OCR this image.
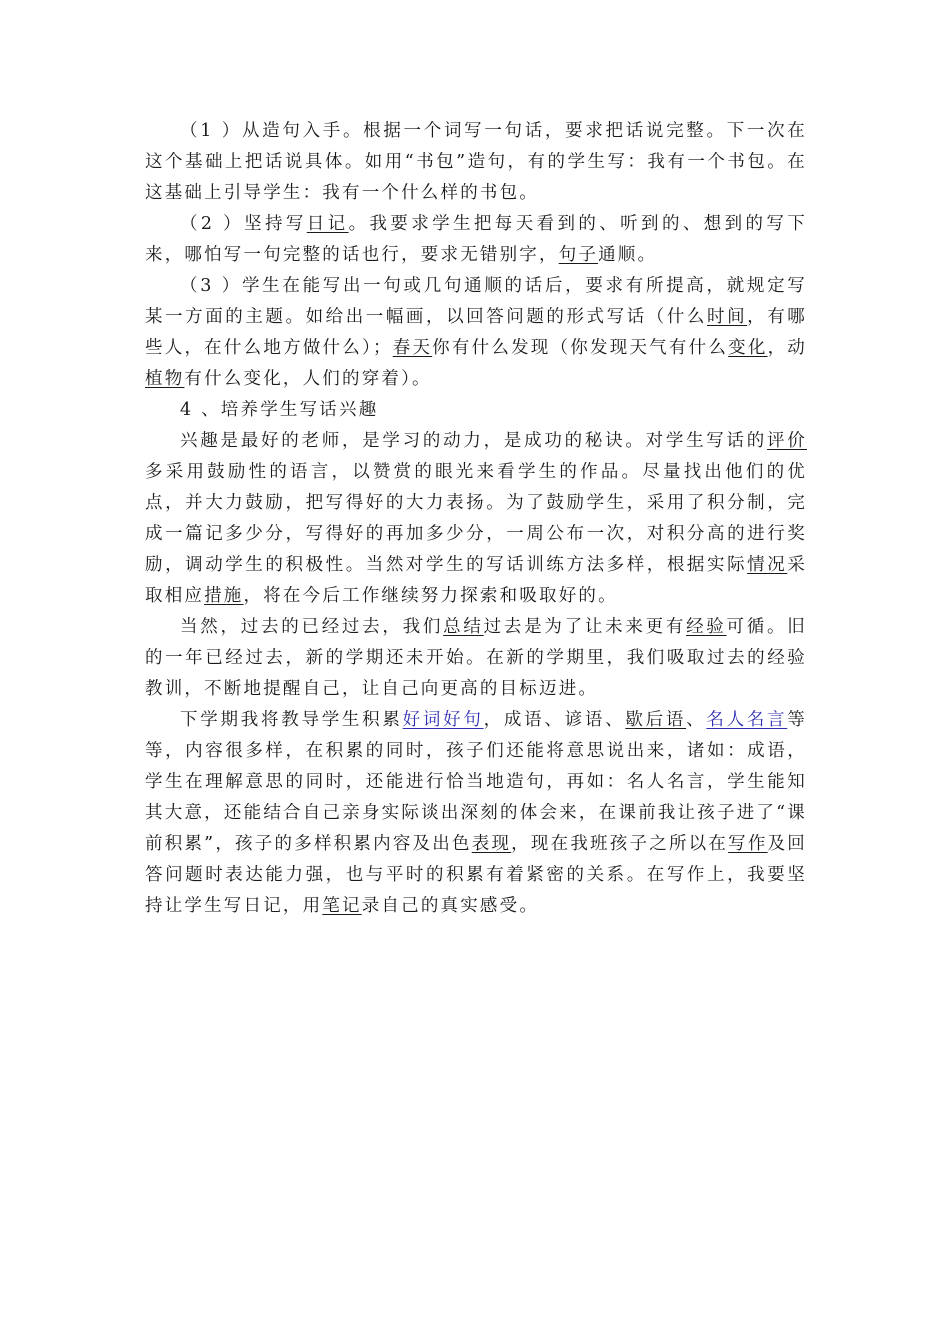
（1 ）从造句入手。根据一个词写一句话，要求把话说完整。下一次在这个基础上把话说具体。如用“书包”造句，有的学生写：我有一个书包。在这基础上引导学生：我有一个什么样的书包。

（2 ）坚持写日记。我要求学生把每天看到的、听到的、想到的写下来，哪怕写一句完整的话也行，要求无错别字，句子通顺。

（3 ）学生在能写出一句或几句通顺的话后，要求有所提高，就规定写某一方面的主题。如给出一幅画，以回答问题的形式写话（什么时间，有哪些人，在什么地方做什么）；春天你有什么发现（你发现天气有什么变化，动植物有什么变化，人们的穿着）。

4 、培养学生写话兴趣

兴趣是最好的老师，是学习的动力，是成功的秘诀。对学生写话的评价多采用鼓励性的语言，以赞赏的眼光来看学生的作品。尽量找出他们的优点，并大力鼓励，把写得好的大力表扬。为了鼓励学生，采用了积分制，完成一篇记多少分，写得好的再加多少分，一周公布一次，对积分高的进行奖励，调动学生的积极性。当然对学生的写话训练方法多样，根据实际情况采取相应措施，将在今后工作继续努力探索和吸取好的。

当然，过去的已经过去，我们总结过去是为了让未来更有经验可循。旧的一年已经过去，新的学期还未开始。在新的学期里，我们吸取过去的经验教训，不断地提醒自己，让自己向更高的目标迈进。

下学期我将教导学生积累好词好句，成语、谚语、歇后语、名人名言等等，内容很多样，在积累的同时，孩子们还能将意思说出来，诸如：成语，学生在理解意思的同时，还能进行恰当地造句，再如：名人名言，学生能知其大意，还能结合自己亲身实际谈出深刻的体会来，在课前我让孩子进了“课前积累”，孩子的多样积累内容及出色表现，现在我班孩子之所以在写作及回答问题时表达能力强，也与平时的积累有着紧密的关系。在写作上，我要坚持让学生写日记，用笔记录自己的真实感受。
